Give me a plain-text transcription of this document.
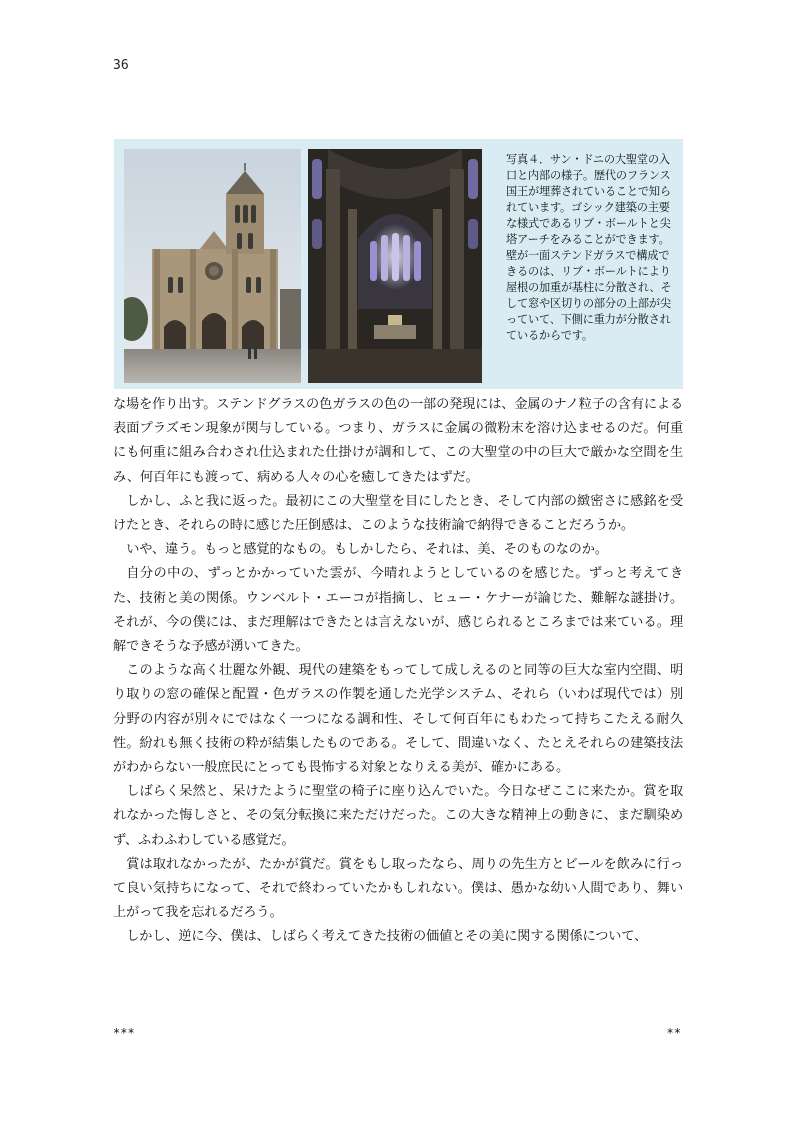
36
写真４．サン・ドニの大聖堂の入口と内部の様子。歴代のフランス国王が埋葬されていることで知られています。ゴシック建築の主要な様式であるリブ・ボールトと尖塔アーチをみることができます。壁が一面ステンドガラスで構成できるのは、リブ・ボールトにより屋根の加重が基柱に分散され、そして窓や区切りの部分の上部が尖っていて、下側に重力が分散されているからです。

な場を作り出す。ステンドグラスの色ガラスの色の一部の発現には、金属のナノ粒子の含有による表面プラズモン現象が関与している。つまり、ガラスに金属の微粉末を溶け込ませるのだ。何重にも何重に組み合わされ仕込まれた仕掛けが調和して、この大聖堂の中の巨大で厳かな空間を生み、何百年にも渡って、病める人々の心を癒してきたはずだ。

しかし、ふと我に返った。最初にこの大聖堂を目にしたとき、そして内部の緻密さに感銘を受けたとき、それらの時に感じた圧倒感は、このような技術論で納得できることだろうか。

いや、違う。もっと感覚的なもの。もしかしたら、それは、美、そのものなのか。

自分の中の、ずっとかかっていた雲が、今晴れようとしているのを感じた。ずっと考えてきた、技術と美の関係。ウンベルト・エーコが指摘し、ヒュー・ケナーが論じた、難解な謎掛け。それが、今の僕には、まだ理解はできたとは言えないが、感じられるところまでは来ている。理解できそうな予感が湧いてきた。

このような高く壮麗な外観、現代の建築をもってして成しえるのと同等の巨大な室内空間、明り取りの窓の確保と配置・色ガラスの作製を通した光学システム、それら（いわば現代では）別分野の内容が別々にではなく一つになる調和性、そして何百年にもわたって持ちこたえる耐久性。紛れも無く技術の粋が結集したものである。そして、間違いなく、たとえそれらの建築技法がわからない一般庶民にとっても畏怖する対象となりえる美が、確かにある。

しばらく呆然と、呆けたように聖堂の椅子に座り込んでいた。今日なぜここに来たか。賞を取れなかった悔しさと、その気分転換に来ただけだった。この大きな精神上の動きに、まだ馴染めず、ふわふわしている感覚だ。

賞は取れなかったが、たかが賞だ。賞をもし取ったなら、周りの先生方とビールを飲みに行って良い気持ちになって、それで終わっていたかもしれない。僕は、愚かな幼い人間であり、舞い上がって我を忘れるだろう。

しかし、逆に今、僕は、しばらく考えてきた技術の価値とその美に関する関係について、

***	**
